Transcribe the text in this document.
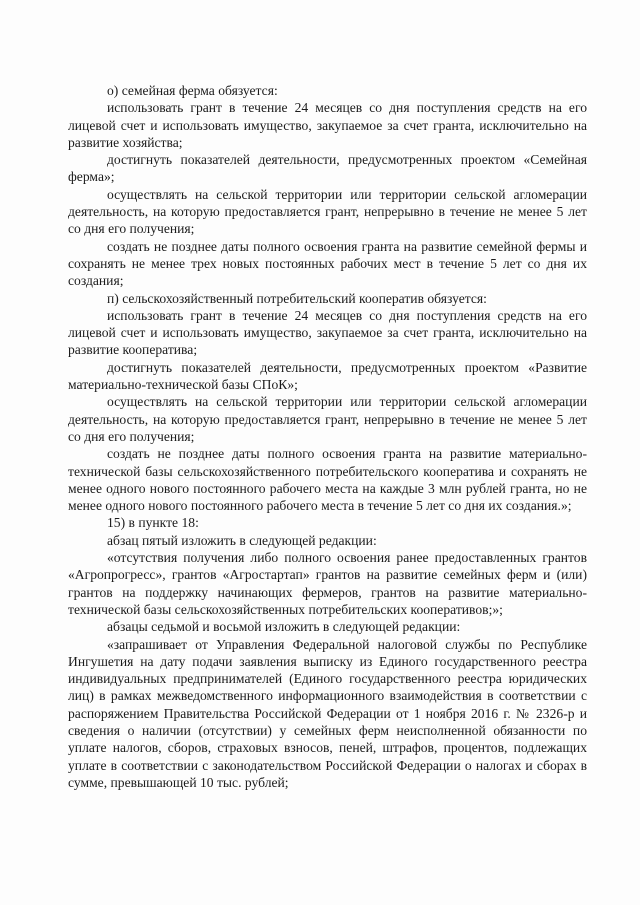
о) семейная ферма обязуется:

использовать грант в течение 24 месяцев со дня поступления средств на его лицевой счет и использовать имущество, закупаемое за счет гранта, исключительно на развитие хозяйства;

достигнуть показателей деятельности, предусмотренных проектом «Семейная ферма»;

осуществлять на сельской территории или территории сельской агломерации деятельность, на которую предоставляется грант, непрерывно в течение не менее 5 лет со дня его получения;

создать не позднее даты полного освоения гранта на развитие семейной фермы и сохранять не менее трех новых постоянных рабочих мест в течение 5 лет со дня их создания;

п) сельскохозяйственный потребительский кооператив обязуется:

использовать грант в течение 24 месяцев со дня поступления средств на его лицевой счет и использовать имущество, закупаемое за счет гранта, исключительно на развитие кооператива;

достигнуть показателей деятельности, предусмотренных проектом «Развитие материально-технической базы СПоК»;

осуществлять на сельской территории или территории сельской агломерации деятельность, на которую предоставляется грант, непрерывно в течение не менее 5 лет со дня его получения;

создать не позднее даты полного освоения гранта на развитие материально-технической базы сельскохозяйственного потребительского кооператива и сохранять не менее одного нового постоянного рабочего места на каждые 3 млн рублей гранта, но не менее одного нового постоянного рабочего места в течение 5 лет со дня их создания.»;

15) в пункте 18:

абзац пятый изложить в следующей редакции:

«отсутствия получения либо полного освоения ранее предоставленных грантов «Агропрогресс», грантов «Агростартап» грантов на развитие семейных ферм и (или) грантов на поддержку начинающих фермеров, грантов на развитие материально-технической базы сельскохозяйственных потребительских кооперативов;»;

абзацы седьмой и восьмой изложить в следующей редакции:

«запрашивает от Управления Федеральной налоговой службы по Республике Ингушетия на дату подачи заявления выписку из Единого государственного реестра индивидуальных предпринимателей (Единого государственного реестра юридических лиц) в рамках межведомственного информационного взаимодействия в соответствии с распоряжением Правительства Российской Федерации от 1 ноября 2016 г. № 2326-р и сведения о наличии (отсутствии) у семейных ферм неисполненной обязанности по уплате налогов, сборов, страховых взносов, пеней, штрафов, процентов, подлежащих уплате в соответствии с законодательством Российской Федерации о налогах и сборах в сумме, превышающей 10 тыс. рублей;
